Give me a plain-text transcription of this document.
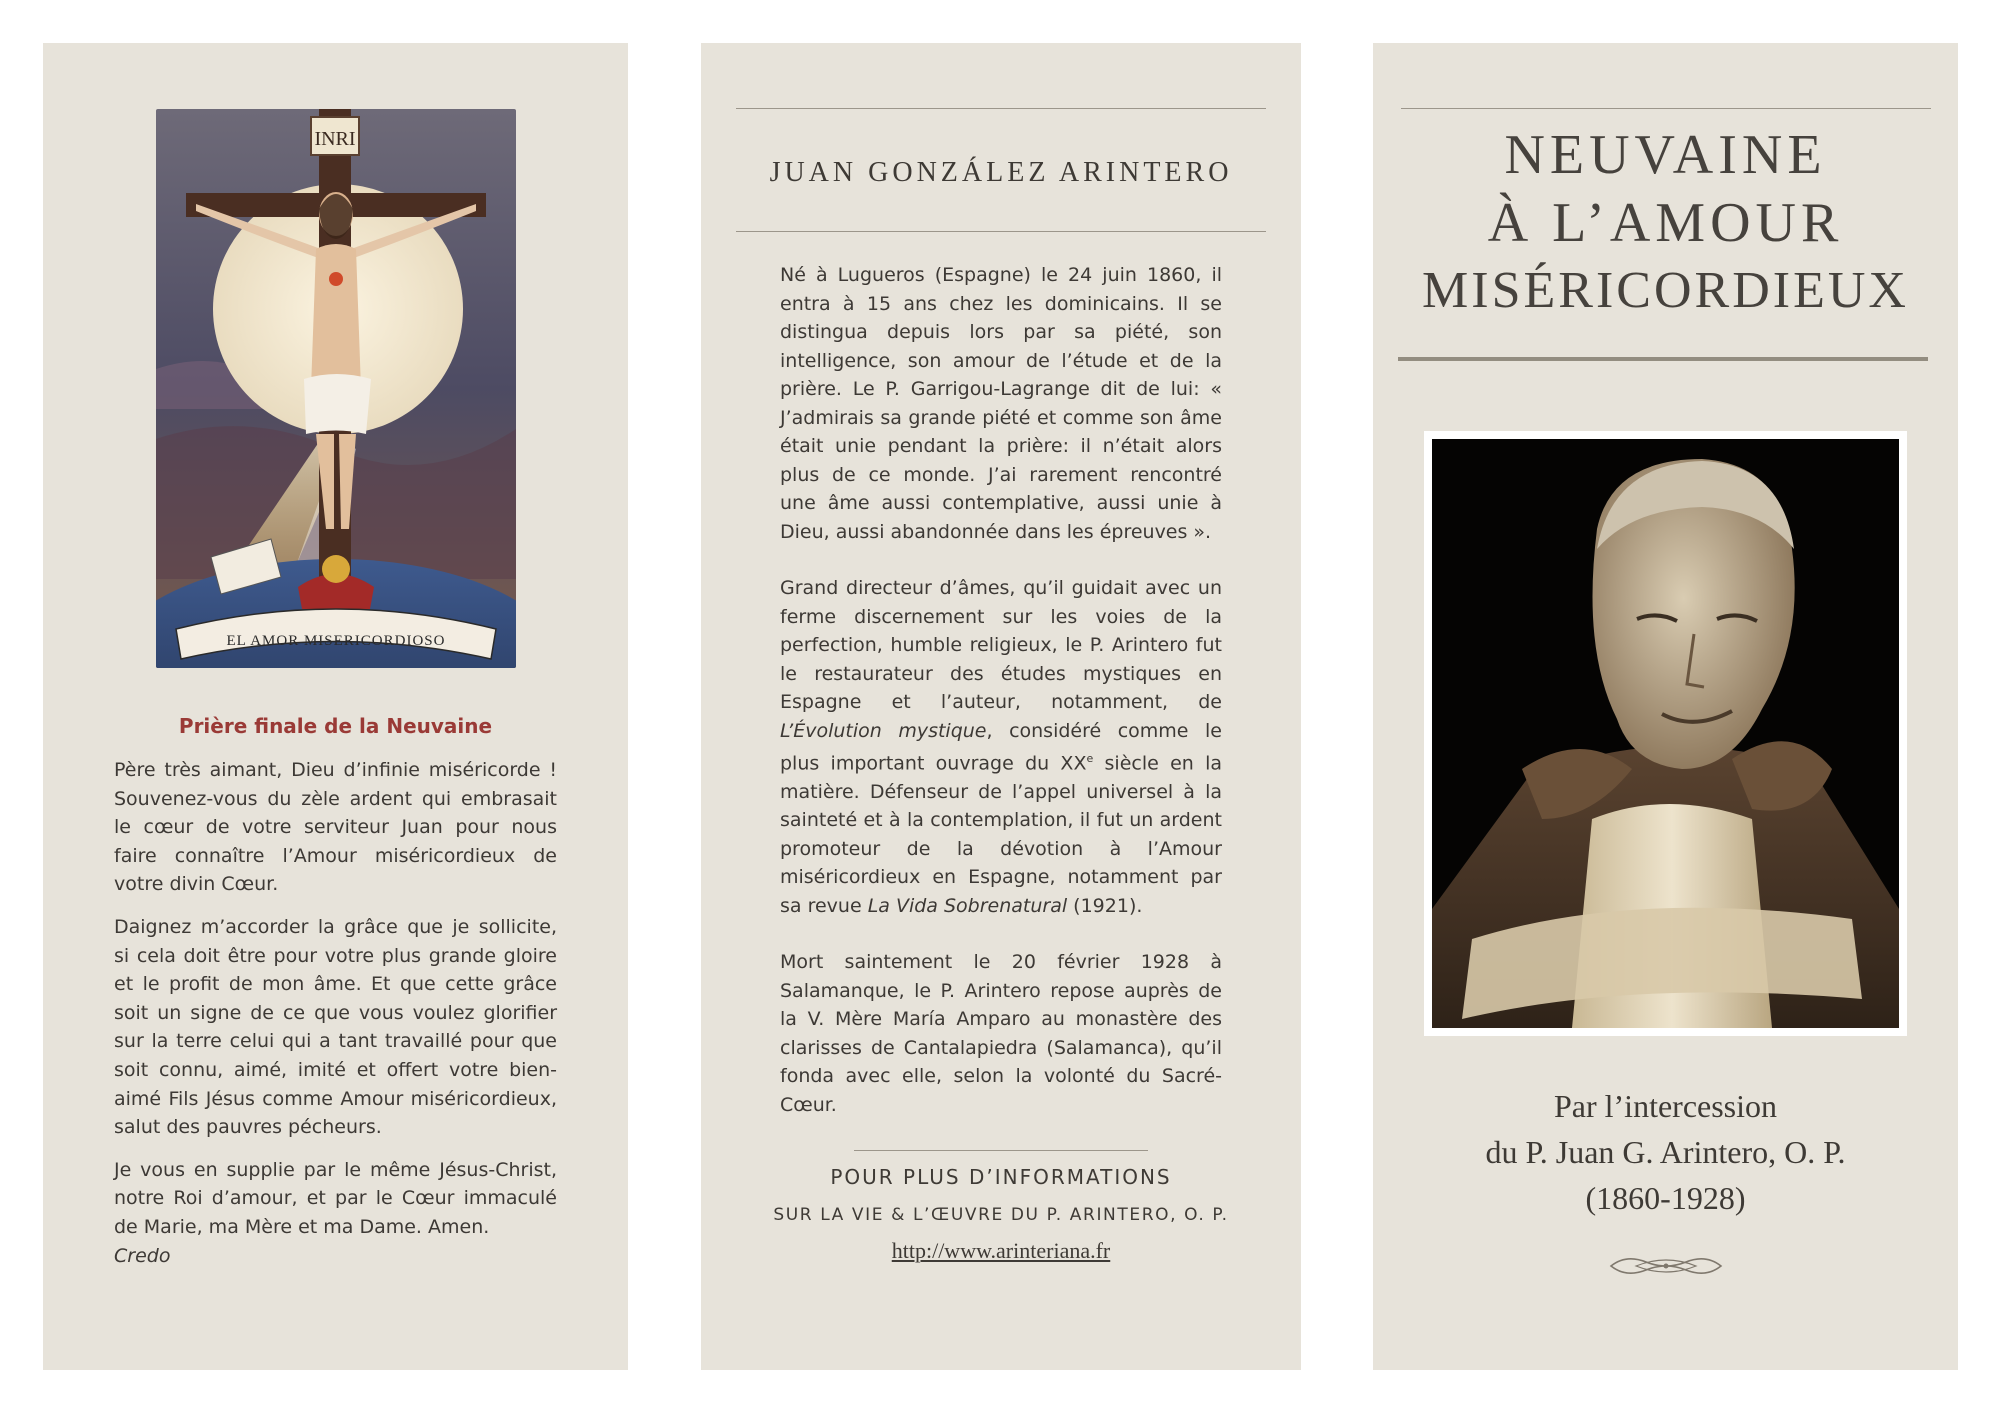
INRI
EL AMOR MISERICORDIOSO
Prière finale de la Neuvaine

Père très aimant, Dieu d’infinie miséricorde ! Souvenez-vous du zèle ardent qui embrasait le cœur de votre serviteur Juan pour nous faire connaître l’Amour miséricordieux de votre divin Cœur.

Daignez m’accorder la grâce que je sollicite, si cela doit être pour votre plus grande gloire et le profit de mon âme. Et que cette grâce soit un signe de ce que vous voulez glorifier sur la terre celui qui a tant travaillé pour que soit connu, aimé, imité et offert votre bien-aimé Fils Jésus comme Amour miséricordieux, salut des pauvres pécheurs.

Je vous en supplie par le même Jésus-Christ, notre Roi d’amour, et par le Cœur immaculé de Marie, ma Mère et ma Dame. Amen.

Credo
JUAN GONZÁLEZ ARINTERO

Né à Lugueros (Espagne) le 24 juin 1860, il entra à 15 ans chez les dominicains. Il se distingua depuis lors par sa piété, son intelligence, son amour de l’étude et de la prière. Le P. Garrigou-Lagrange dit de lui: « J’admirais sa grande piété et comme son âme était unie pendant la prière: il n’était alors plus de ce monde. J’ai rarement rencontré une âme aussi contemplative, aussi unie à Dieu, aussi abandonnée dans les épreuves ».

Grand directeur d’âmes, qu’il guidait avec un ferme discernement sur les voies de la perfection, humble religieux, le P. Arintero fut le restaurateur des études mystiques en Espagne et l’auteur, notamment, de L’Évolution mystique, considéré comme le plus important ouvrage du XXe siècle en la matière. Défenseur de l’appel universel à la sainteté et à la contemplation, il fut un ardent promoteur de la dévotion à l’Amour miséricordieux en Espagne, notamment par sa revue La Vida Sobrenatural (1921).

Mort saintement le 20 février 1928 à Salamanque, le P. Arintero repose auprès de la V. Mère María Amparo au monastère des clarisses de Cantalapiedra (Salamanca), qu’il fonda avec elle, selon la volonté du Sacré-Cœur.

POUR PLUS D’INFORMATIONS
SUR LA VIE & L’ŒUVRE DU P. ARINTERO, O. P.
http://www.arinteriana.fr
NEUVAINE
À L’AMOUR
MISÉRICORDIEUX
Par l’intercession
du P. Juan G. Arintero, O. P.
(1860-1928)
